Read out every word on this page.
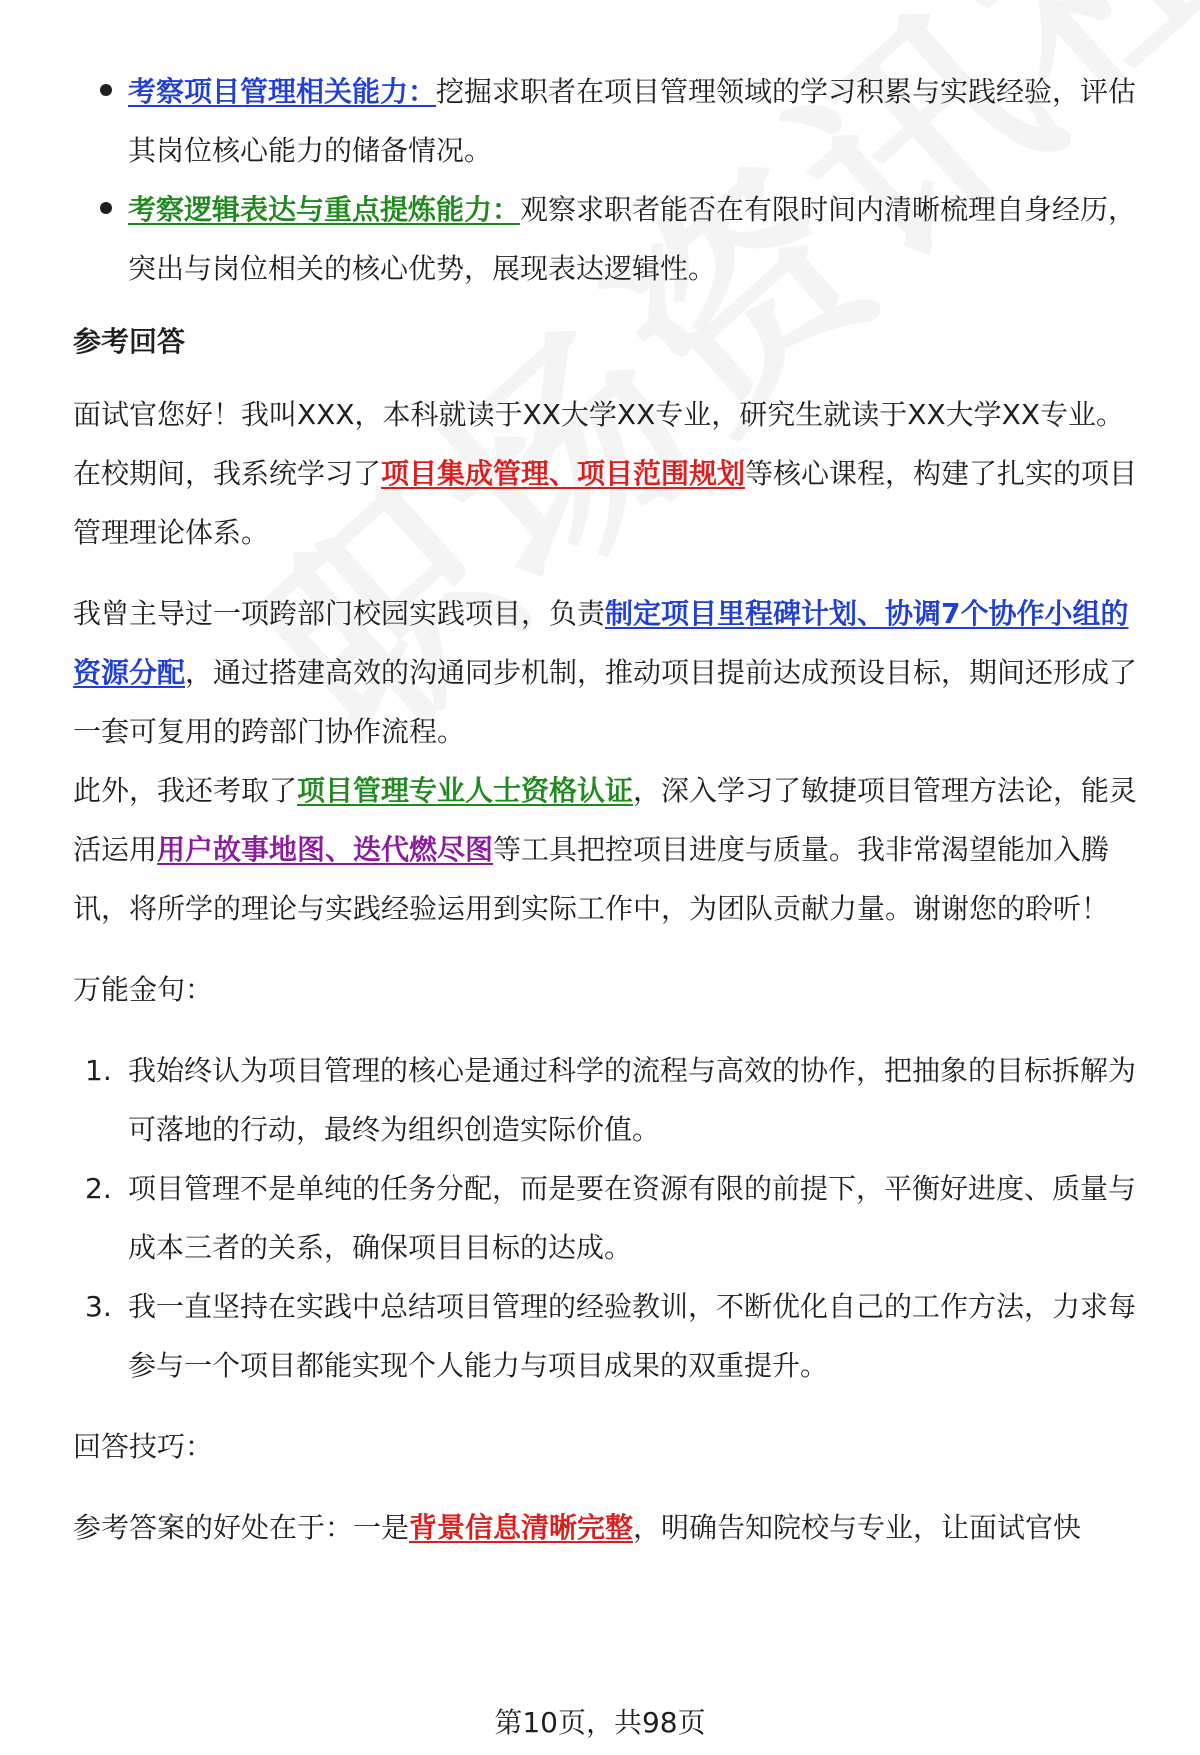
考察项目管理相关能力：挖掘求职者在项目管理领域的学习积累与实践经验，评估其岗位核心能力的储备情况。
考察逻辑表达与重点提炼能力：观察求职者能否在有限时间内清晰梳理自身经历，突出与岗位相关的核心优势，展现表达逻辑性。
参考回答

面试官您好！我叫XXX，本科就读于XX大学XX专业，研究生就读于XX大学XX专业。在校期间，我系统学习了项目集成管理、项目范围规划等核心课程，构建了扎实的项目管理理论体系。

我曾主导过一项跨部门校园实践项目，负责制定项目里程碑计划、协调7个协作小组的资源分配，通过搭建高效的沟通同步机制，推动项目提前达成预设目标，期间还形成了一套可复用的跨部门协作流程。

此外，我还考取了项目管理专业人士资格认证，深入学习了敏捷项目管理方法论，能灵活运用用户故事地图、迭代燃尽图等工具把控项目进度与质量。我非常渴望能加入腾讯，将所学的理论与实践经验运用到实际工作中，为团队贡献力量。谢谢您的聆听！

万能金句：

1. 我始终认为项目管理的核心是通过科学的流程与高效的协作，把抽象的目标拆解为可落地的行动，最终为组织创造实际价值。
2. 项目管理不是单纯的任务分配，而是要在资源有限的前提下，平衡好进度、质量与成本三者的关系，确保项目目标的达成。
3. 我一直坚持在实践中总结项目管理的经验教训，不断优化自己的工作方法，力求每参与一个项目都能实现个人能力与项目成果的双重提升。

回答技巧：

参考答案的好处在于：一是背景信息清晰完整，明确告知院校与专业，让面试官快

第10页，共98页
